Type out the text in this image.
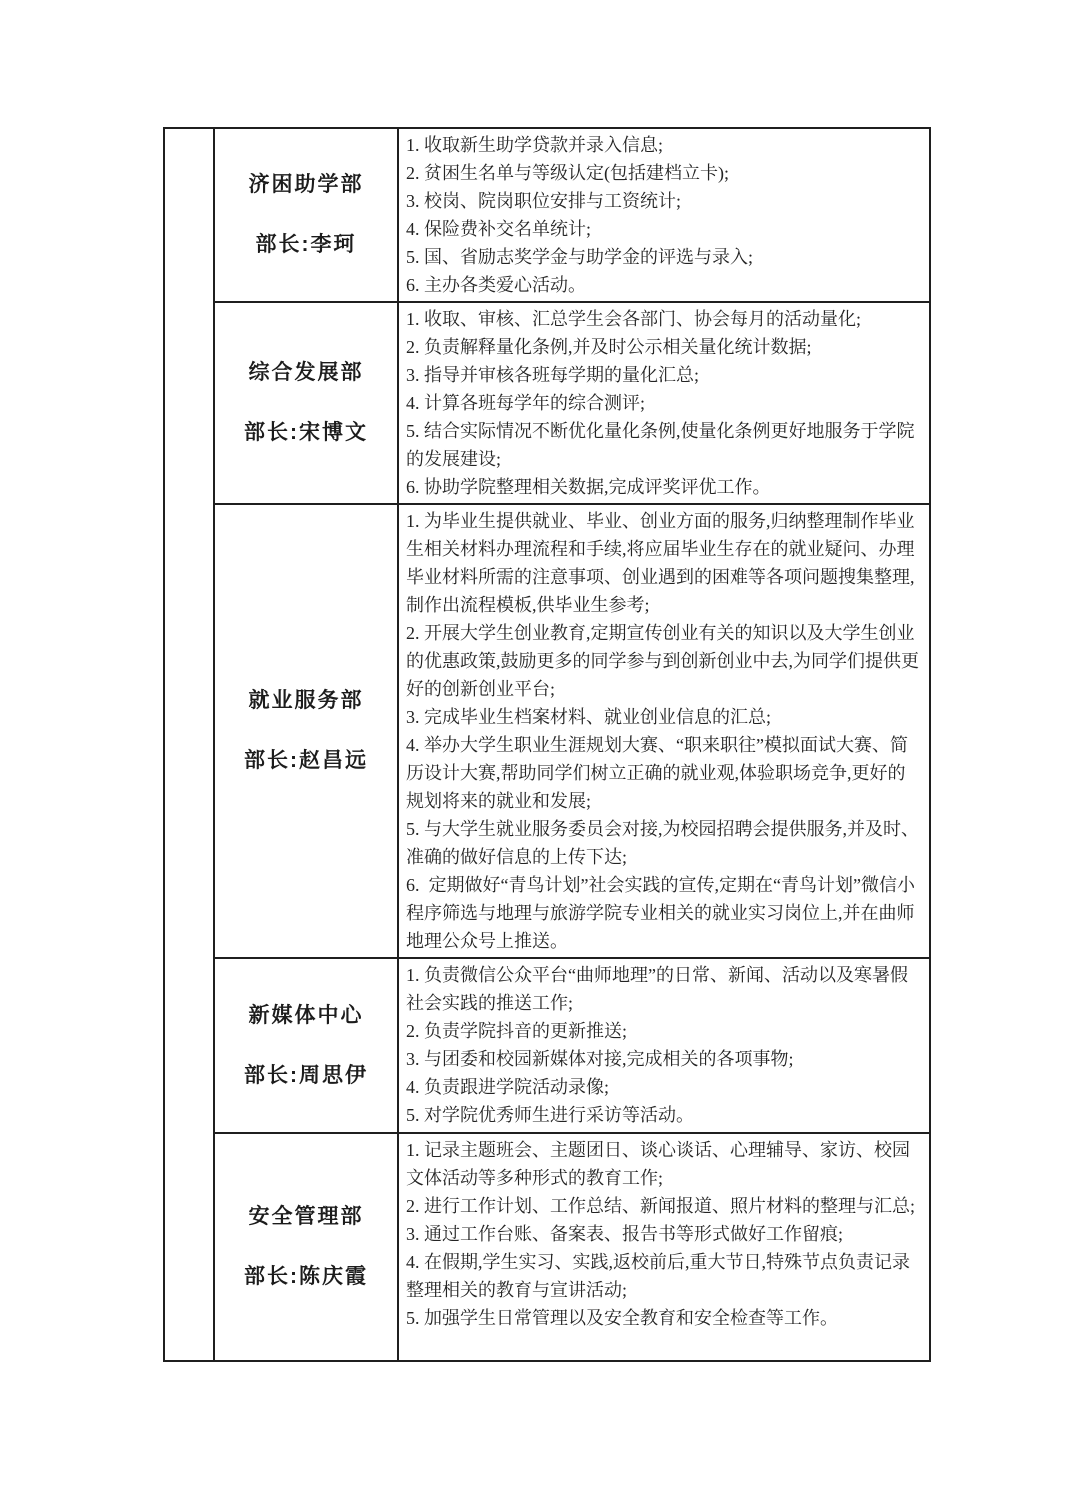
济困助学部
部长:李珂
1. 收取新生助学贷款并录入信息;
2. 贫困生名单与等级认定(包括建档立卡);
3. 校岗、院岗职位安排与工资统计;
4. 保险费补交名单统计;
5. 国、省励志奖学金与助学金的评选与录入;
6. 主办各类爱心活动。
综合发展部
部长:宋博文
1. 收取、审核、汇总学生会各部门、协会每月的活动量化;
2. 负责解释量化条例,并及时公示相关量化统计数据;
3. 指导并审核各班每学期的量化汇总;
4. 计算各班每学年的综合测评;
5. 结合实际情况不断优化量化条例,使量化条例更好地服务于学院的发展建设;
6. 协助学院整理相关数据,完成评奖评优工作。
就业服务部
部长:赵昌远
1. 为毕业生提供就业、毕业、创业方面的服务,归纳整理制作毕业生相关材料办理流程和手续,将应届毕业生存在的就业疑问、办理毕业材料所需的注意事项、创业遇到的困难等各项问题搜集整理,制作出流程模板,供毕业生参考;
2. 开展大学生创业教育,定期宣传创业有关的知识以及大学生创业的优惠政策,鼓励更多的同学参与到创新创业中去,为同学们提供更好的创新创业平台;
3. 完成毕业生档案材料、就业创业信息的汇总;
4. 举办大学生职业生涯规划大赛、“职来职往”模拟面试大赛、简历设计大赛,帮助同学们树立正确的就业观,体验职场竞争,更好的规划将来的就业和发展;
5. 与大学生就业服务委员会对接,为校园招聘会提供服务,并及时、准确的做好信息的上传下达;
6.  定期做好“青鸟计划”社会实践的宣传,定期在“青鸟计划”微信小程序筛选与地理与旅游学院专业相关的就业实习岗位上,并在曲师地理公众号上推送。
新媒体中心
部长:周思伊
1. 负责微信公众平台“曲师地理”的日常、新闻、活动以及寒暑假社会实践的推送工作;
2. 负责学院抖音的更新推送;
3. 与团委和校园新媒体对接,完成相关的各项事物;
4. 负责跟进学院活动录像;
5. 对学院优秀师生进行采访等活动。
安全管理部
部长:陈庆霞
1. 记录主题班会、主题团日、谈心谈话、心理辅导、家访、校园文体活动等多种形式的教育工作;
2. 进行工作计划、工作总结、新闻报道、照片材料的整理与汇总;
3. 通过工作台账、备案表、报告书等形式做好工作留痕;
4. 在假期,学生实习、实践,返校前后,重大节日,特殊节点负责记录整理相关的教育与宣讲活动;
5. 加强学生日常管理以及安全教育和安全检查等工作。
